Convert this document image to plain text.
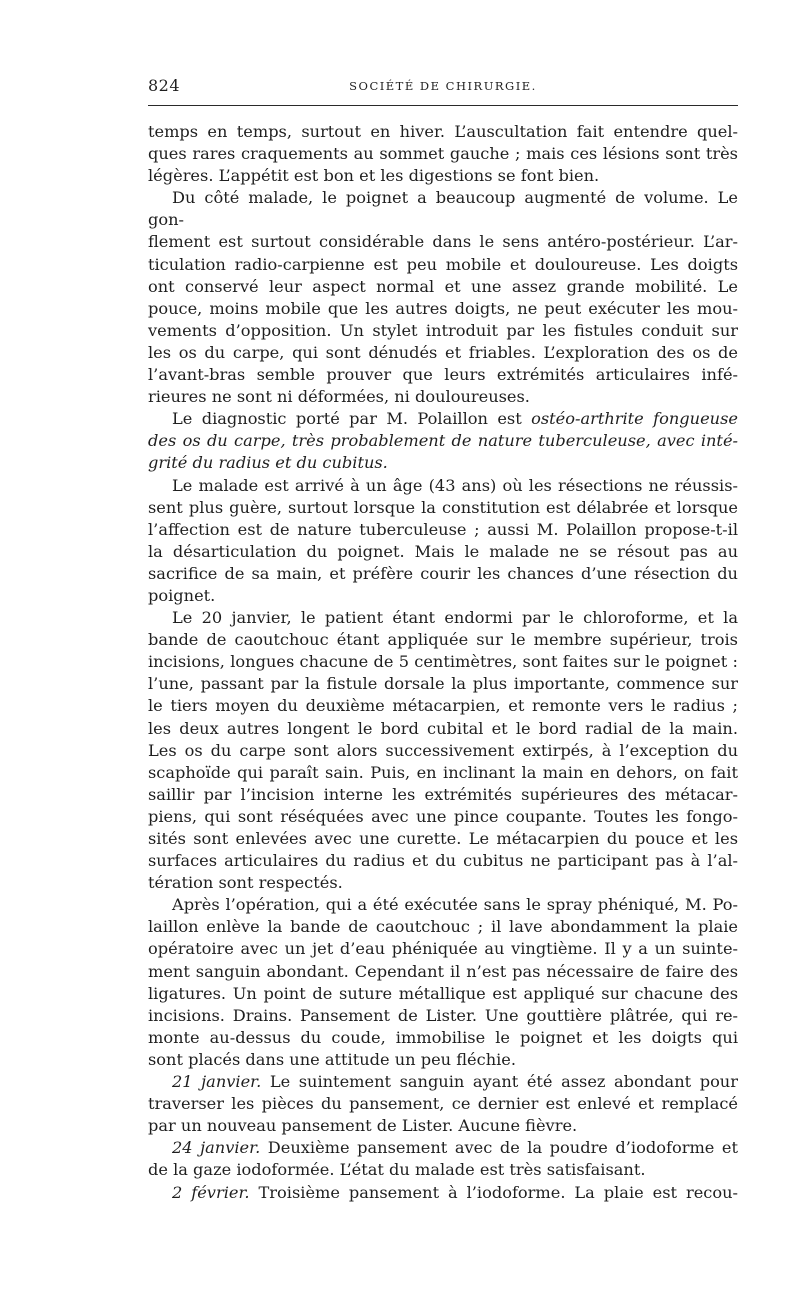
824	SOCIÉTÉ DE CHIRURGIE.
temps en temps, surtout en hiver. L’auscultation fait entendre quel-
ques rares craquements au sommet gauche ; mais ces lésions sont très
légères. L’appétit est bon et les digestions se font bien.
Du côté malade, le poignet a beaucoup augmenté de volume. Le gon-
flement est surtout considérable dans le sens antéro-postérieur. L’ar-
ticulation radio-carpienne est peu mobile et douloureuse. Les doigts
ont conservé leur aspect normal et une assez grande mobilité. Le
pouce, moins mobile que les autres doigts, ne peut exécuter les mou-
vements d’opposition. Un stylet introduit par les fistules conduit sur
les os du carpe, qui sont dénudés et friables. L’exploration des os de
l’avant-bras semble prouver que leurs extrémités articulaires infé-
rieures ne sont ni déformées, ni douloureuses.
Le diagnostic porté par M. Polaillon est ostéo-arthrite fongueuse
des os du carpe, très probablement de nature tuberculeuse, avec inté-
grité du radius et du cubitus.
Le malade est arrivé à un âge (43 ans) où les résections ne réussis-
sent plus guère, surtout lorsque la constitution est délabrée et lorsque
l’affection est de nature tuberculeuse ; aussi M. Polaillon propose-t-il
la désarticulation du poignet. Mais le malade ne se résout pas au
sacrifice de sa main, et préfère courir les chances d’une résection du
poignet.
Le 20 janvier, le patient étant endormi par le chloroforme, et la
bande de caoutchouc étant appliquée sur le membre supérieur, trois
incisions, longues chacune de 5 centimètres, sont faites sur le poignet :
l’une, passant par la fistule dorsale la plus importante, commence sur
le tiers moyen du deuxième métacarpien, et remonte vers le radius ;
les deux autres longent le bord cubital et le bord radial de la main.
Les os du carpe sont alors successivement extirpés, à l’exception du
scaphoïde qui paraît sain. Puis, en inclinant la main en dehors, on fait
saillir par l’incision interne les extrémités supérieures des métacar-
piens, qui sont réséquées avec une pince coupante. Toutes les fongo-
sités sont enlevées avec une curette. Le métacarpien du pouce et les
surfaces articulaires du radius et du cubitus ne participant pas à l’al-
tération sont respectés.
Après l’opération, qui a été exécutée sans le spray phéniqué, M. Po-
laillon enlève la bande de caoutchouc ; il lave abondamment la plaie
opératoire avec un jet d’eau phéniquée au vingtième. Il y a un suinte-
ment sanguin abondant. Cependant il n’est pas nécessaire de faire des
ligatures. Un point de suture métallique est appliqué sur chacune des
incisions. Drains. Pansement de Lister. Une gouttière plâtrée, qui re-
monte au-dessus du coude, immobilise le poignet et les doigts qui
sont placés dans une attitude un peu fléchie.
21 janvier. Le suintement sanguin ayant été assez abondant pour
traverser les pièces du pansement, ce dernier est enlevé et remplacé
par un nouveau pansement de Lister. Aucune fièvre.
24 janvier. Deuxième pansement avec de la poudre d’iodoforme et
de la gaze iodoformée. L’état du malade est très satisfaisant.
2 février. Troisième pansement à l’iodoforme. La plaie est recou-
